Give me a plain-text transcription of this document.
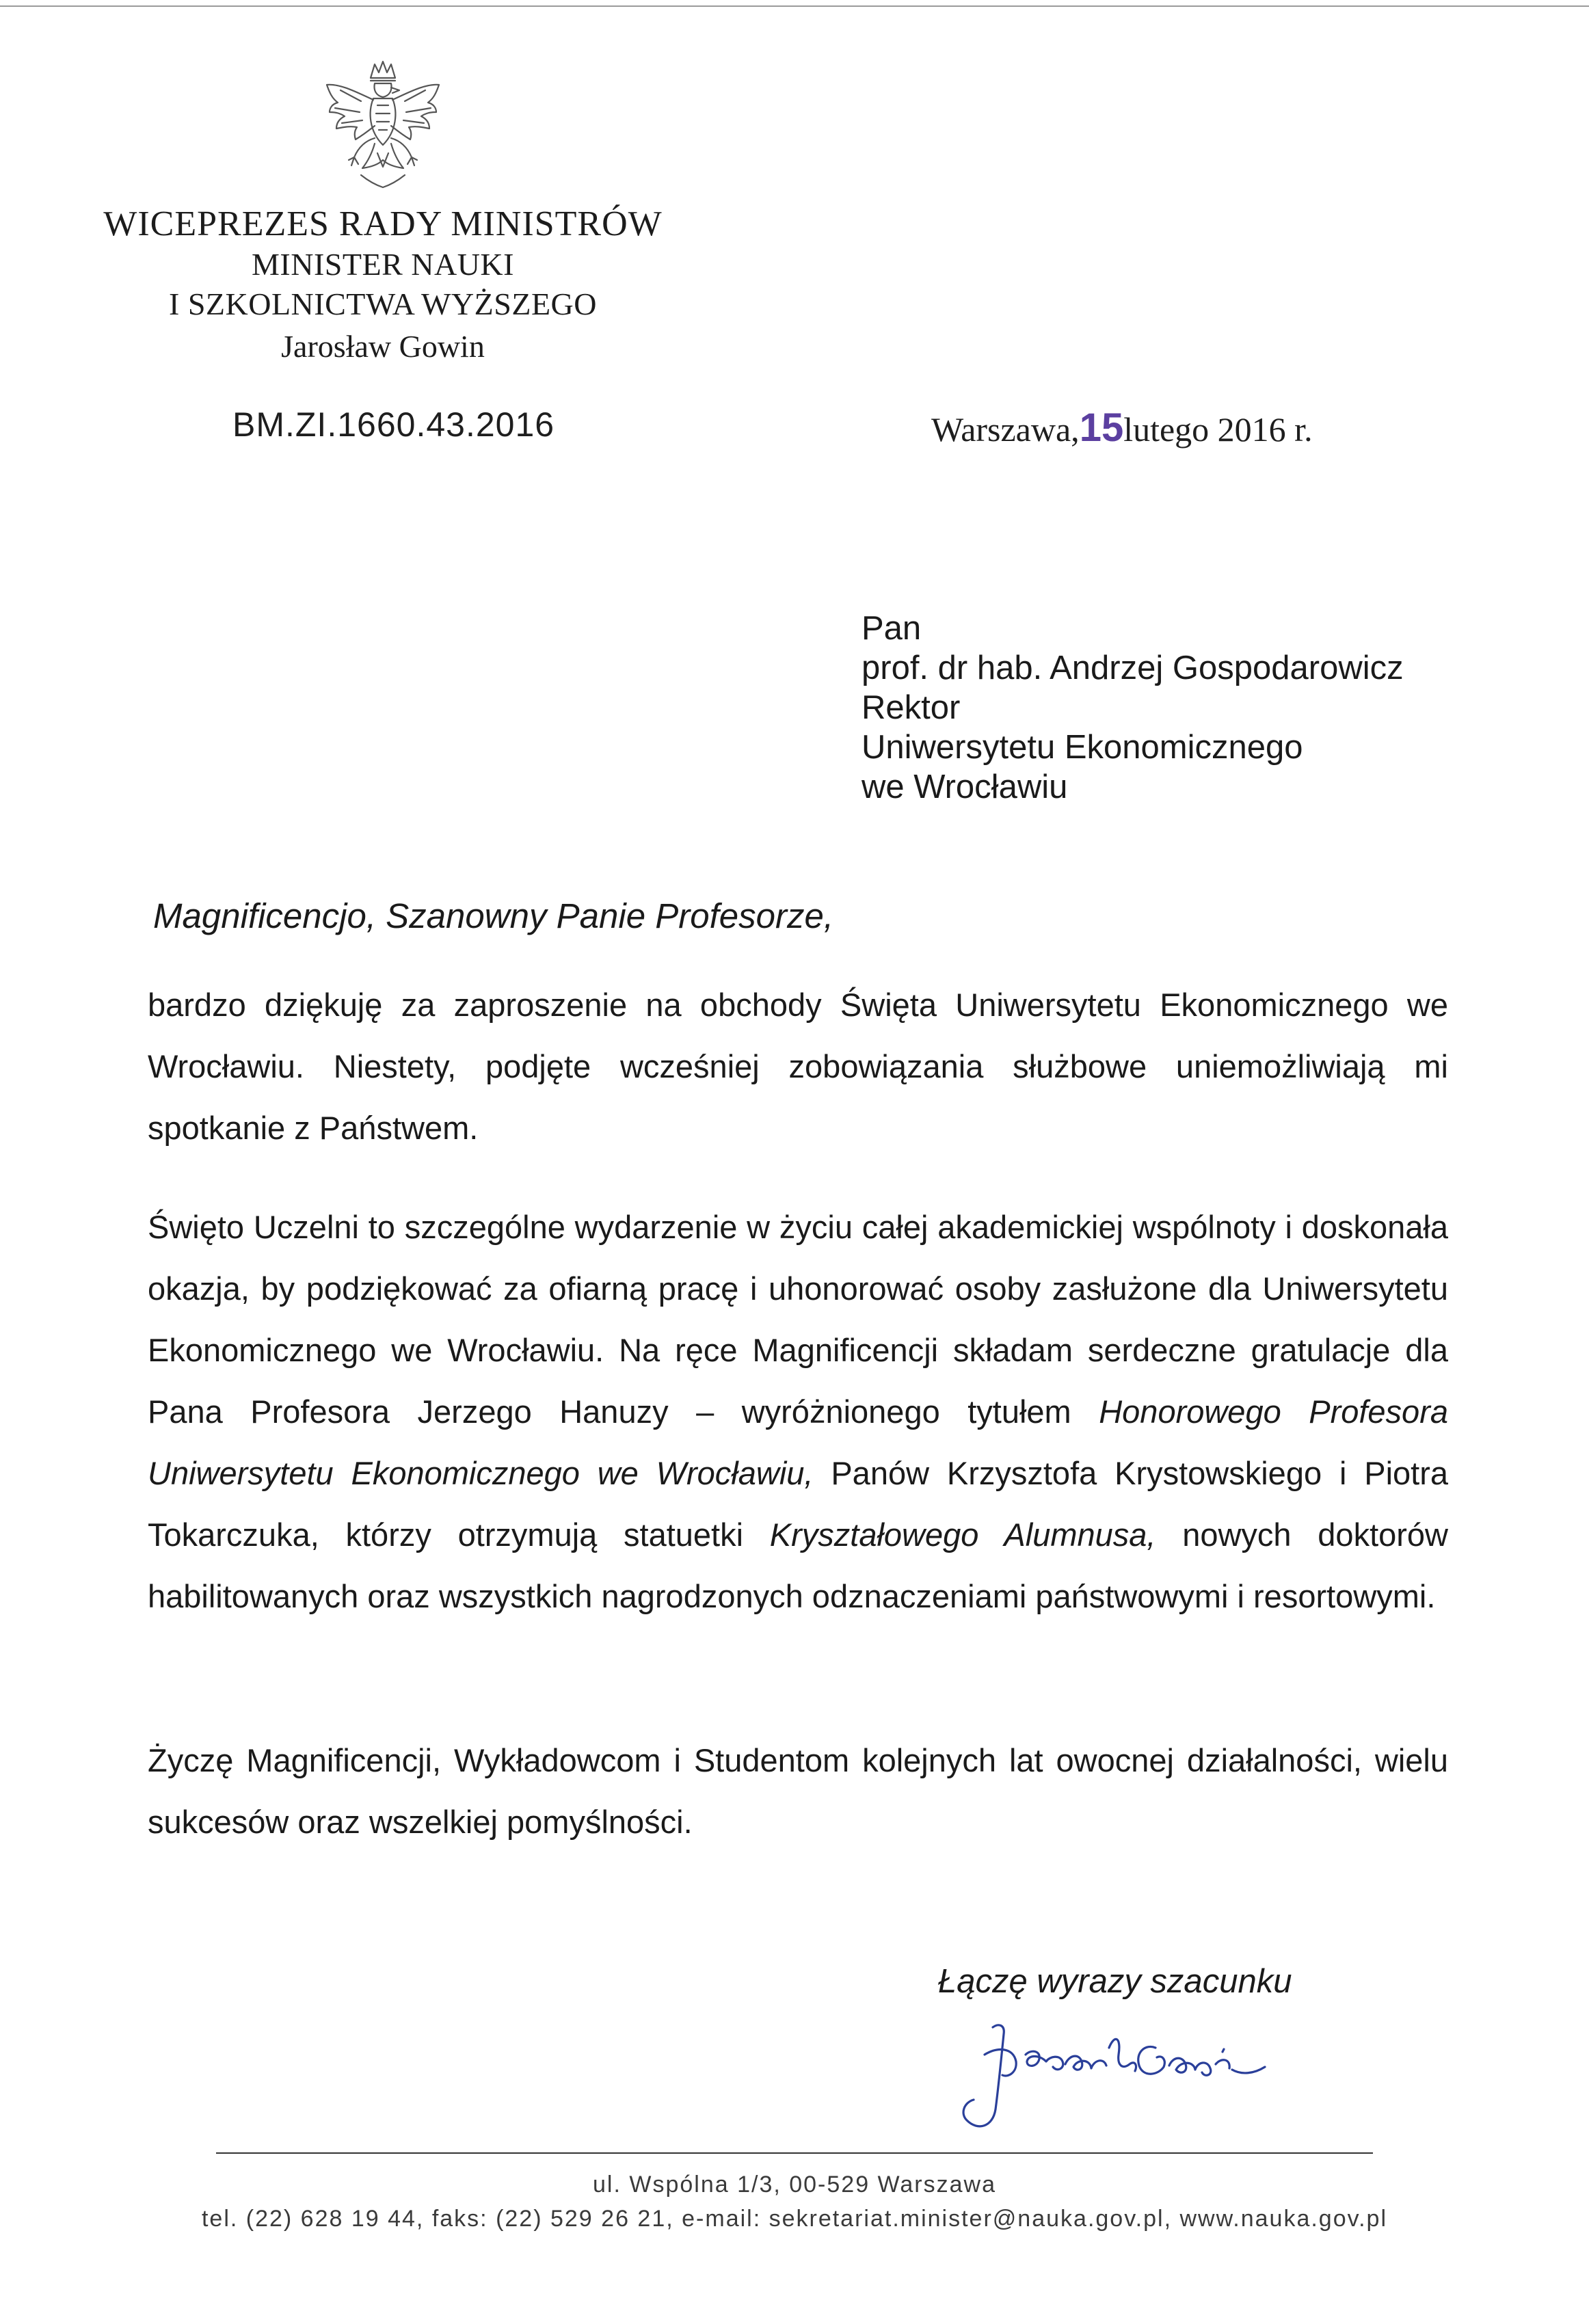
WICEPREZES RADY MINISTRÓW
MINISTER NAUKI
I SZKOLNICTWA WYŻSZEGO
Jarosław Gowin
BM.ZI.1660.43.2016	Warszawa,15lutego 2016 r.
Pan
prof. dr hab. Andrzej Gospodarowicz
Rektor
Uniwersytetu Ekonomicznego
we Wrocławiu
Magnificencjo, Szanowny Panie Profesorze,
bardzo dziękuję za zaproszenie na obchody Święta Uniwersytetu Ekonomicznego we Wrocławiu. Niestety, podjęte wcześniej zobowiązania służbowe uniemożliwiają mi spotkanie z Państwem.
Święto Uczelni to szczególne wydarzenie w życiu całej akademickiej wspólnoty i doskonała okazja, by podziękować za ofiarną pracę i uhonorować osoby zasłużone dla Uniwersytetu Ekonomicznego we Wrocławiu. Na ręce Magnificencji składam serdeczne gratulacje dla Pana Profesora Jerzego Hanuzy – wyróżnionego tytułem Honorowego Profesora Uniwersytetu Ekonomicznego we Wrocławiu, Panów Krzysztofa Krystowskiego i Piotra Tokarczuka, którzy otrzymują statuetki Kryształowego Alumnusa, nowych doktorów habilitowanych oraz wszystkich nagrodzonych odznaczeniami państwowymi i resortowymi.
Życzę Magnificencji, Wykładowcom i Studentom kolejnych lat owocnej działalności, wielu sukcesów oraz wszelkiej pomyślności.
Łączę wyrazy szacunku
ul. Wspólna 1/3, 00-529 Warszawa
tel. (22) 628 19 44, faks: (22) 529 26 21, e-mail: sekretariat.minister@nauka.gov.pl, www.nauka.gov.pl
